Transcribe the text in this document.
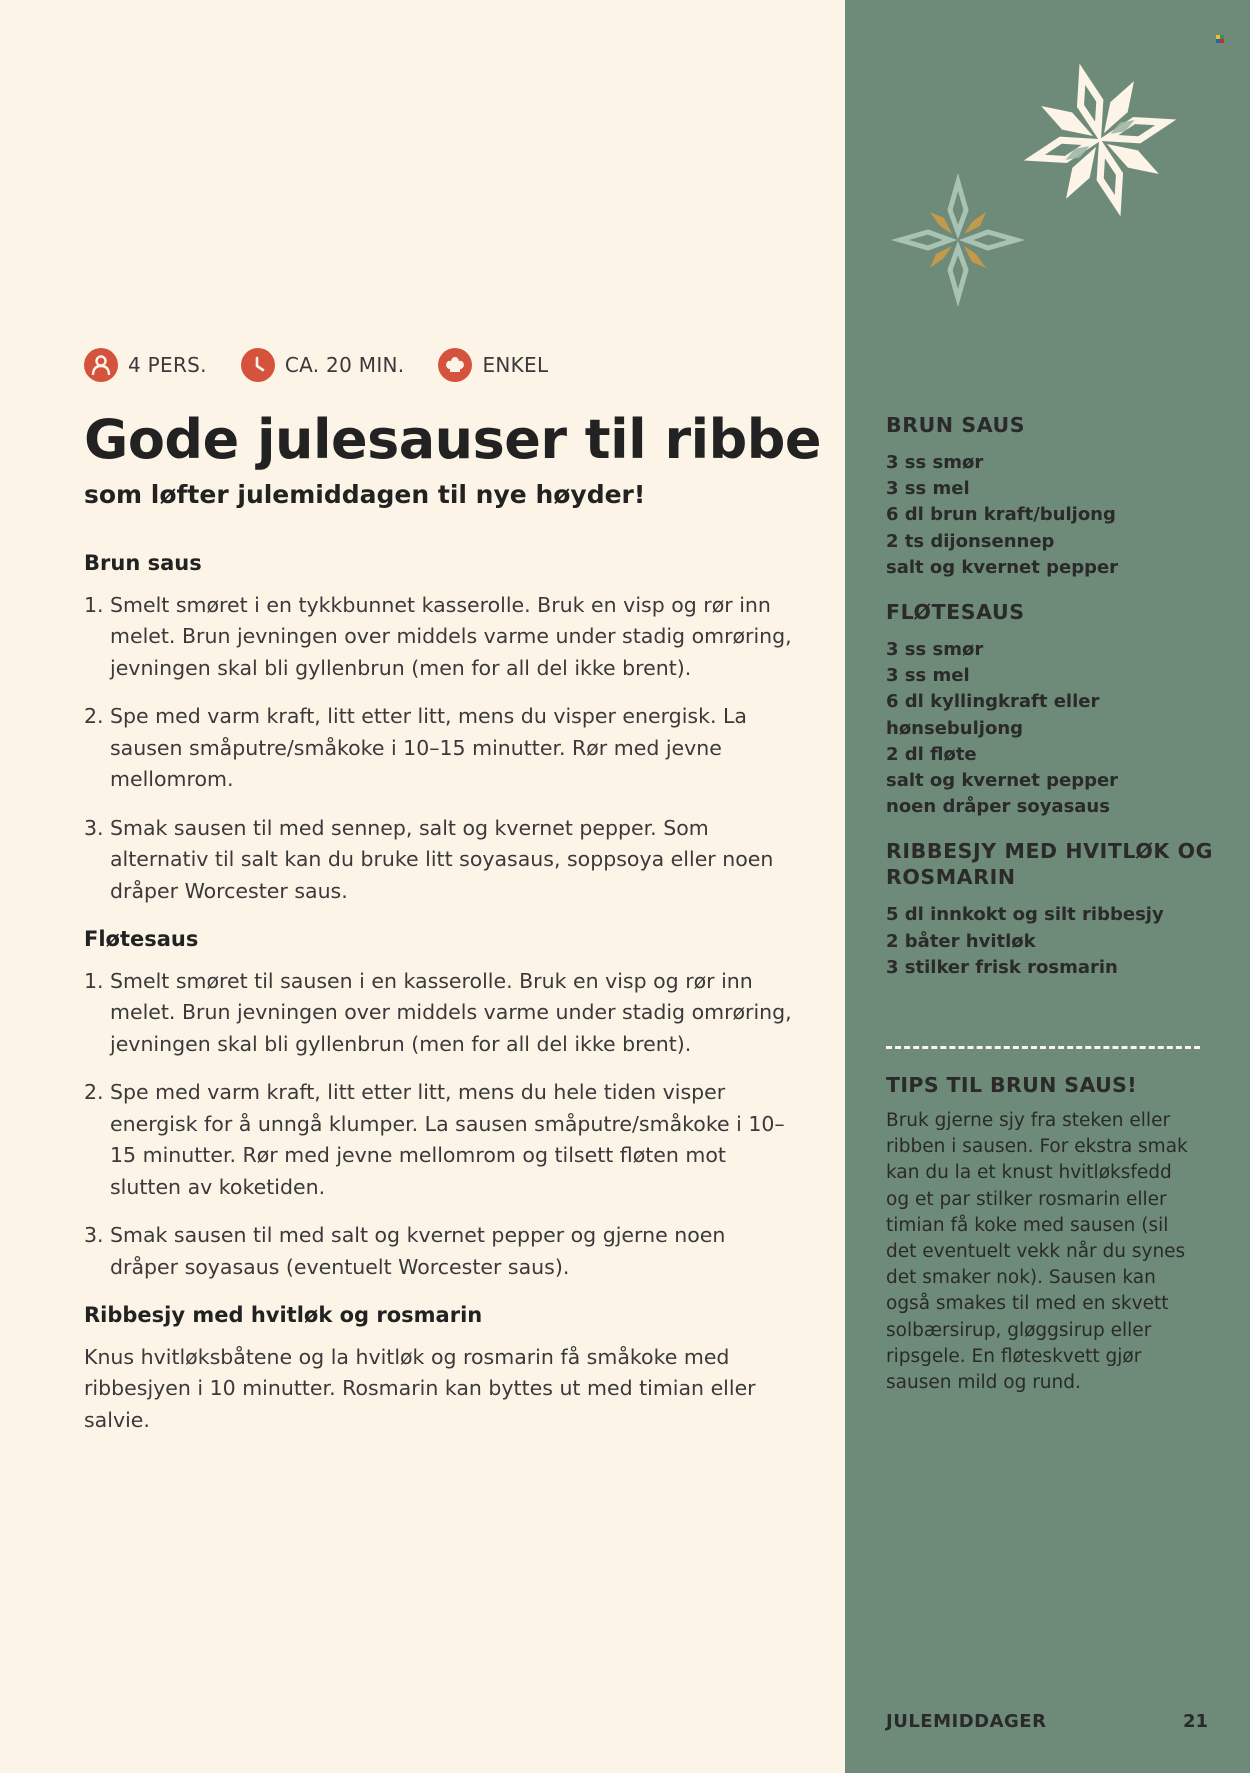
4 PERS.	CA. 20 MIN.	ENKEL
Gode julesauser til ribbe

som løfter julemiddagen til nye høyder!

Brun saus
1. Smelt smøret i en tykkbunnet kasserolle. Bruk en visp og rør inn melet. Brun jevningen over middels varme under stadig omrøring, jevningen skal bli gyllenbrun (men for all del ikke brent).
2. Spe med varm kraft, litt etter litt, mens du visper energisk. La sausen småputre/småkoke i 10–15 minutter. Rør med jevne mellomrom.
3. Smak sausen til med sennep, salt og kvernet pepper. Som alternativ til salt kan du bruke litt soyasaus, soppsoya eller noen dråper Worcester saus.
Fløtesaus
1. Smelt smøret til sausen i en kasserolle. Bruk en visp og rør inn melet. Brun jevningen over middels varme under stadig omrøring, jevningen skal bli gyllenbrun (men for all del ikke brent).
2. Spe med varm kraft, litt etter litt, mens du hele tiden visper energisk for å unngå klumper. La sausen småputre/småkoke i 10–15 minutter. Rør med jevne mellomrom og tilsett fløten mot slutten av koketiden.
3. Smak sausen til med salt og kvernet pepper og gjerne noen dråper soyasaus (eventuelt Worcester saus).
Ribbesjy med hvitløk og rosmarin

Knus hvitløksbåtene og la hvitløk og rosmarin få småkoke med ribbesjyen i 10 minutter. Rosmarin kan byttes ut med timian eller salvie.

BRUN SAUS
3 ss smør
3 ss mel
6 dl brun kraft/buljong
2 ts dijonsennep
salt og kvernet pepper
FLØTESAUS
3 ss smør
3 ss mel
6 dl kyllingkraft eller hønsebuljong
2 dl fløte
salt og kvernet pepper
noen dråper soyasaus
RIBBESJY MED HVITLØK OG ROSMARIN
5 dl innkokt og silt ribbesjy
2 båter hvitløk
3 stilker frisk rosmarin
TIPS TIL BRUN SAUS!

Bruk gjerne sjy fra steken eller ribben i sausen. For ekstra smak kan du la et knust hvitløksfedd og et par stilker rosmarin eller timian få koke med sausen (sil det eventuelt vekk når du synes det smaker nok). Sausen kan også smakes til med en skvett solbærsirup, gløggsirup eller ripsgele. En fløteskvett gjør sausen mild og rund.

JULEMIDDAGER	21
